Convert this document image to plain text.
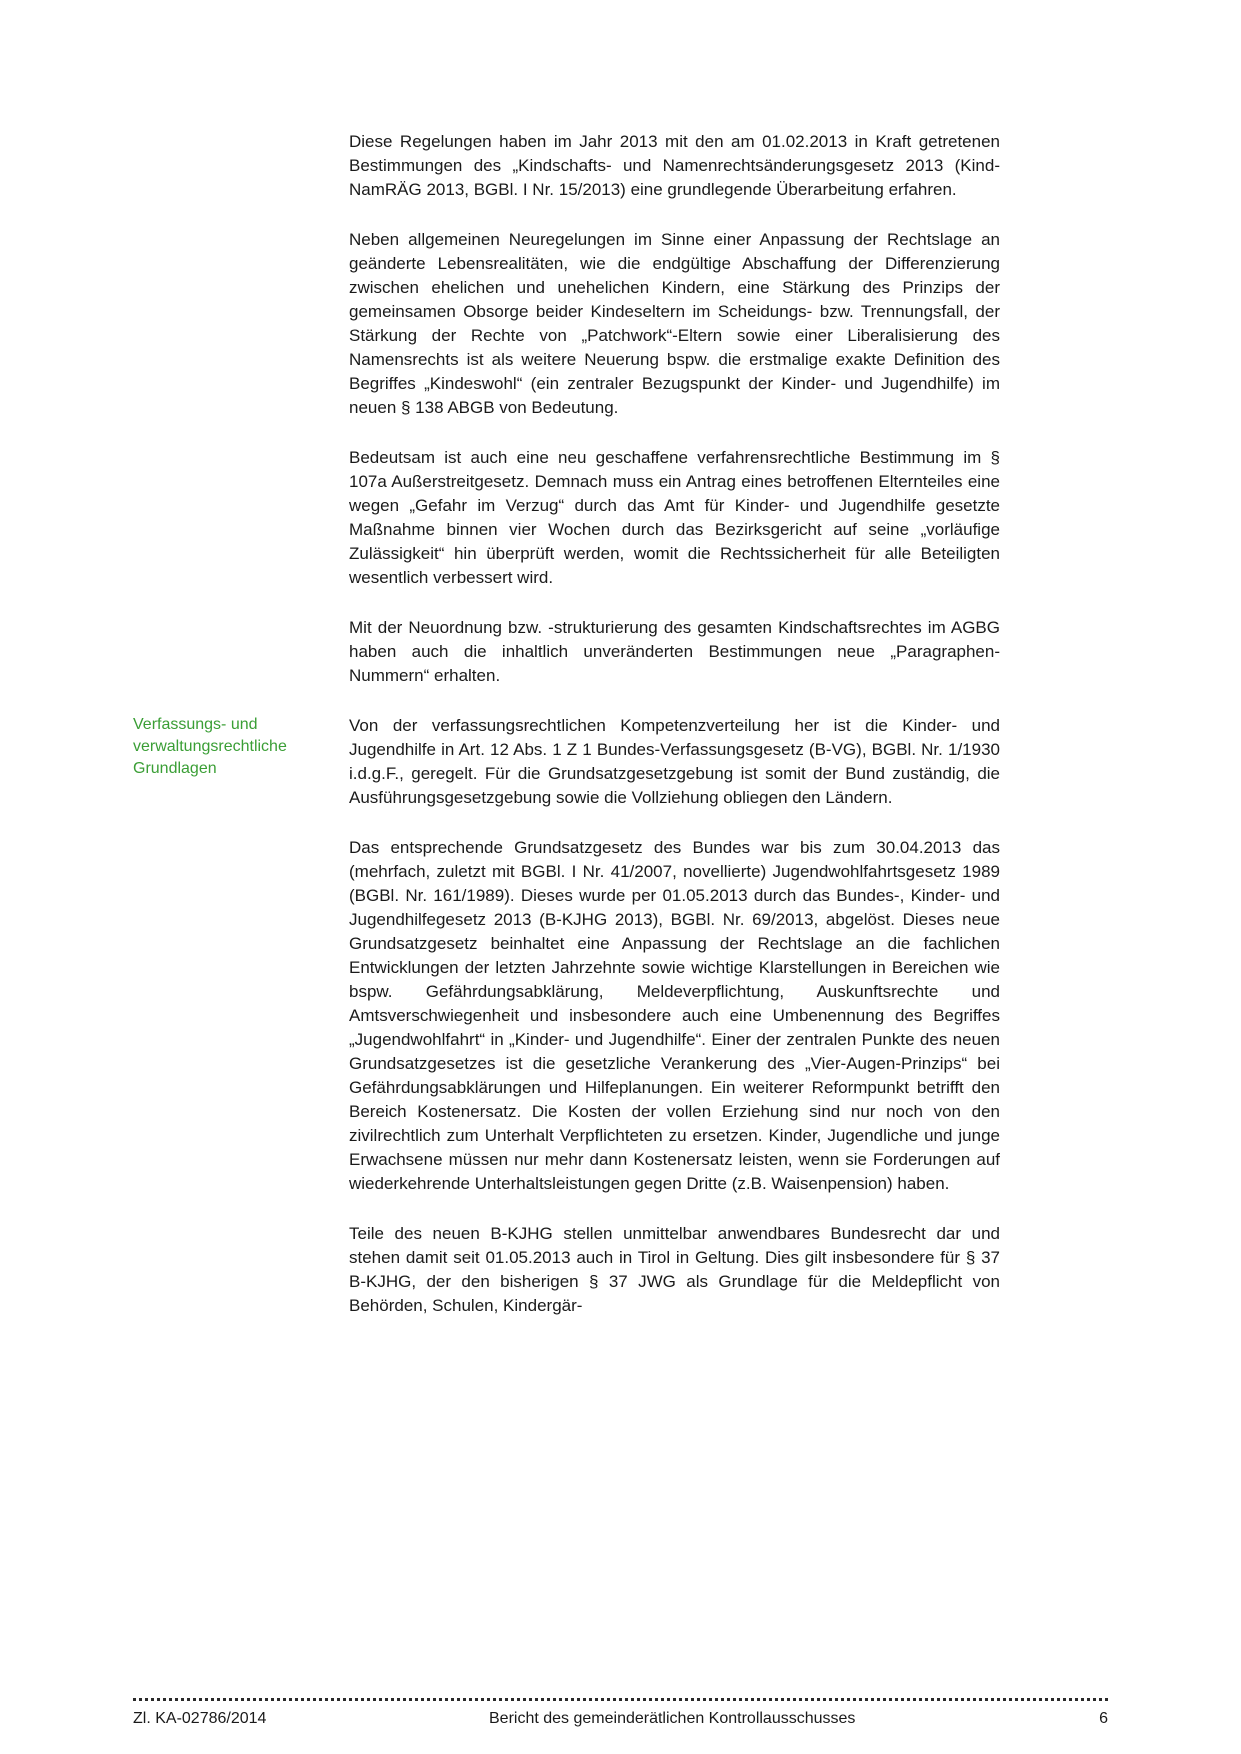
Diese Regelungen haben im Jahr 2013 mit den am 01.02.2013 in Kraft getretenen Bestimmungen des „Kindschafts- und Namenrechtsänderungsgesetz 2013 (Kind-NamRÄG 2013, BGBl. I Nr. 15/2013) eine grundlegende Überarbeitung erfahren.

Neben allgemeinen Neuregelungen im Sinne einer Anpassung der Rechtslage an geänderte Lebensrealitäten, wie die endgültige Abschaffung der Differenzierung zwischen ehelichen und unehelichen Kindern, eine Stärkung des Prinzips der gemeinsamen Obsorge beider Kindeseltern im Scheidungs- bzw. Trennungsfall, der Stärkung der Rechte von „Patchwork“-Eltern sowie einer Liberalisierung des Namensrechts ist als weitere Neuerung bspw. die erstmalige exakte Definition des Begriffes „Kindeswohl“ (ein zentraler Bezugspunkt der Kinder- und Jugendhilfe) im neuen § 138 ABGB von Bedeutung.

Bedeutsam ist auch eine neu geschaffene verfahrensrechtliche Bestimmung im § 107a Außerstreitgesetz. Demnach muss ein Antrag eines betroffenen Elternteiles eine wegen „Gefahr im Verzug“ durch das Amt für Kinder- und Jugendhilfe gesetzte Maßnahme binnen vier Wochen durch das Bezirksgericht auf seine „vorläufige Zulässigkeit“ hin überprüft werden, womit die Rechtssicherheit für alle Beteiligten wesentlich verbessert wird.

Mit der Neuordnung bzw. -strukturierung des gesamten Kindschaftsrechtes im AGBG haben auch die inhaltlich unveränderten Bestimmungen neue „Paragraphen-Nummern“ erhalten.

Verfassungs- und verwaltungsrechtliche Grundlagen

Von der verfassungsrechtlichen Kompetenzverteilung her ist die Kinder- und Jugendhilfe in Art. 12 Abs. 1 Z 1 Bundes-Verfassungsgesetz (B-VG), BGBl. Nr. 1/1930 i.d.g.F., geregelt. Für die Grundsatzgesetzgebung ist somit der Bund zuständig, die Ausführungsgesetzgebung sowie die Vollziehung obliegen den Ländern.

Das entsprechende Grundsatzgesetz des Bundes war bis zum 30.04.2013 das (mehrfach, zuletzt mit BGBl. I Nr. 41/2007, novellierte) Jugendwohlfahrtsgesetz 1989 (BGBl. Nr. 161/1989). Dieses wurde per 01.05.2013 durch das Bundes-, Kinder- und Jugendhilfegesetz 2013 (B-KJHG 2013), BGBl. Nr. 69/2013, abgelöst. Dieses neue Grundsatzgesetz beinhaltet eine Anpassung der Rechtslage an die fachlichen Entwicklungen der letzten Jahrzehnte sowie wichtige Klarstellungen in Bereichen wie bspw. Gefährdungsabklärung, Meldeverpflichtung, Auskunftsrechte und Amtsverschwiegenheit und insbesondere auch eine Umbenennung des Begriffes „Jugendwohlfahrt“ in „Kinder- und Jugendhilfe“. Einer der zentralen Punkte des neuen Grundsatzgesetzes ist die gesetzliche Verankerung des „Vier-Augen-Prinzips“ bei Gefährdungsabklärungen und Hilfeplanungen. Ein weiterer Reformpunkt betrifft den Bereich Kostenersatz. Die Kosten der vollen Erziehung sind nur noch von den zivilrechtlich zum Unterhalt Verpflichteten zu ersetzen. Kinder, Jugendliche und junge Erwachsene müssen nur mehr dann Kostenersatz leisten, wenn sie Forderungen auf wiederkehrende Unterhaltsleistungen gegen Dritte (z.B. Waisenpension) haben.

Teile des neuen B-KJHG stellen unmittelbar anwendbares Bundesrecht dar und stehen damit seit 01.05.2013 auch in Tirol in Geltung. Dies gilt insbesondere für § 37 B-KJHG, der den bisherigen § 37 JWG als Grundlage für die Meldepflicht von Behörden, Schulen, Kindergär-

Zl. KA-02786/2014	Bericht des gemeinderätlichen Kontrollausschusses	6
